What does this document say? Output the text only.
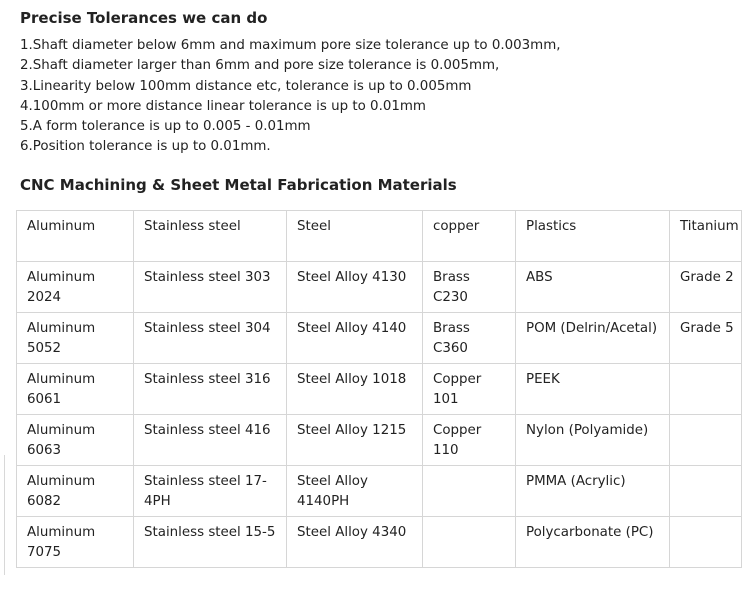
Precise Tolerances we can do
1.Shaft diameter below 6mm and maximum pore size tolerance up to 0.003mm,
2.Shaft diameter larger than 6mm and pore size tolerance is 0.005mm,
3.Linearity below 100mm distance etc, tolerance is up to 0.005mm
4.100mm or more distance linear tolerance is up to 0.01mm
5.A form tolerance is up to 0.005 - 0.01mm
6.Position tolerance is up to 0.01mm.
CNC Machining & Sheet Metal Fabrication Materials
Aluminum	Stainless steel	Steel	copper	Plastics	Titanium
Aluminum 2024	Stainless steel 303	Steel Alloy 4130	Brass C230	ABS	Grade 2
Aluminum 5052	Stainless steel 304	Steel Alloy 4140	Brass C360	POM (Delrin/Acetal)	Grade 5
Aluminum 6061	Stainless steel 316	Steel Alloy 1018	Copper 101	PEEK	
Aluminum 6063	Stainless steel 416	Steel Alloy 1215	Copper 110	Nylon (Polyamide)	
Aluminum 6082	Stainless steel 17-4PH	Steel Alloy 4140PH		PMMA (Acrylic)	
Aluminum 7075	Stainless steel 15-5	Steel Alloy 4340		Polycarbonate (PC)	
